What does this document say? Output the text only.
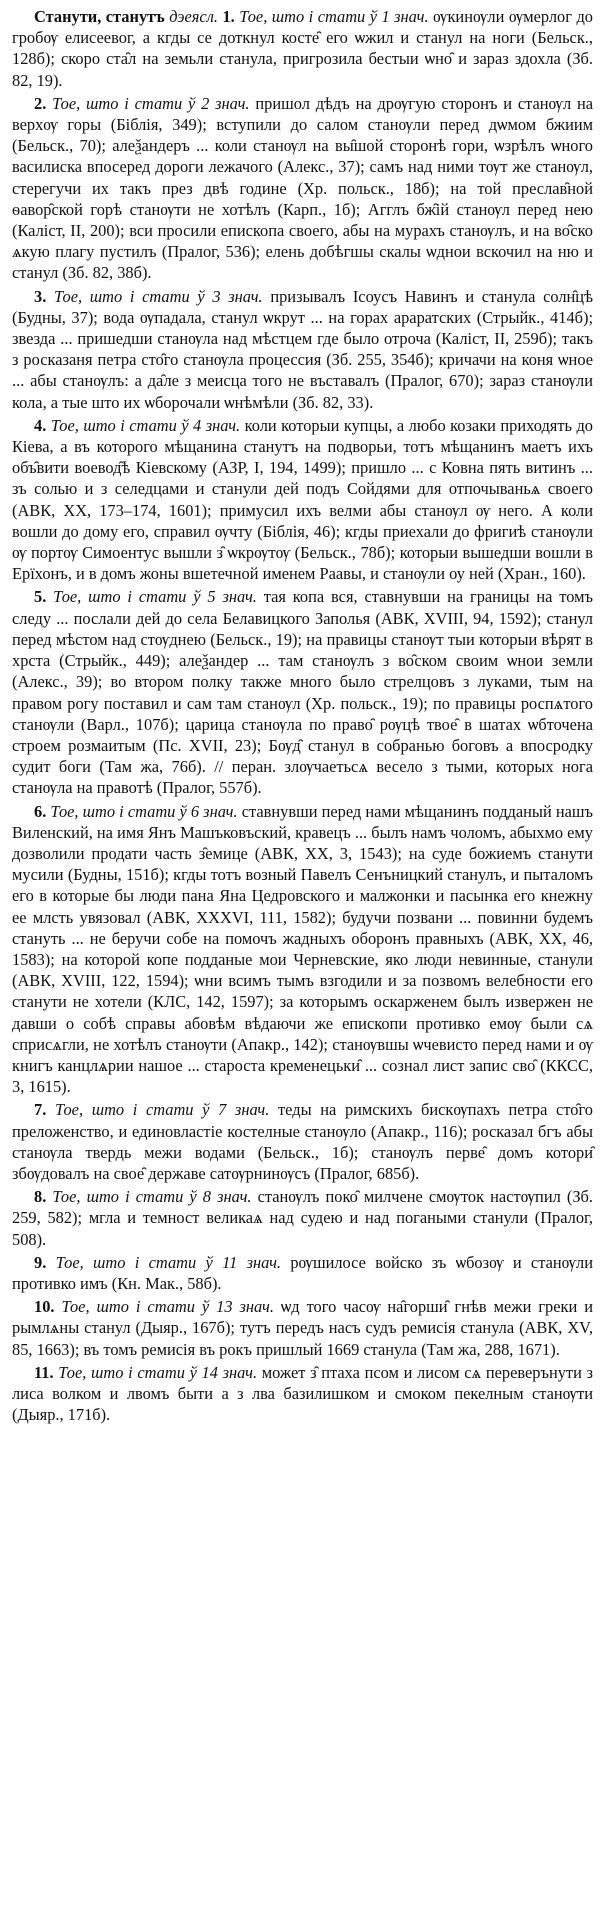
Станути, станутъ дэеясл. 1. Тое, што і стати ў 1 знач. ѹкинѹли ѹмерлог до гробѹ елисеевог, а кгды се доткнул косте̑ его ѡжил и станул на ноги (Бельск., 128б); скоро ста̑л на земьли станула, пригрозила бестыи ѡно̑ и зараз здохла (Зб. 82, 19).

2. Тое, што і стати ў 2 знач. пришол дѣдъ на дрѹгую сторонъ и станѹл на верхѹ горы (Біблія, 349); вступили до салом станѹли перед дѡмом бжиим (Бельск., 70); алеѯандеръ ... коли станѹл на вы̑шой сторонѣ гори, ѡзрѣлъ ѡного василиска впосеред дороги лежачого (Алекс., 37); самъ над ними тѹт же станѹл, стерегучи их такъ през двѣ године (Хр. польск., 18б); на той преслав̑ной ѳавор̑ской горѣ станѹти не хотѣлъ (Карп., 1б); Агглъ бж̑ій станѹл перед нею (Каліст, II, 200); вси просили епископа своего, абы на мурахъ станѹлъ, и на во̑ско ѧкую плагу пустилъ (Пралог, 536); елень добѣгшы скалы ѡднои вскочил на ню и станул (Зб. 82, 38б).

3. Тое, што і стати ў 3 знач. призывалъ Ісоусъ Навинъ и станула солн̑цѣ (Будны, 37); вода ѹпадала, станул ѡкрут ... на горах араратских (Стрыйк., 414б); звезда ... пришедши станѹла над мѣстцем где было отроча (Каліст, II, 259б); такъ з росказаня петра сто̑го станѹла процессия (Зб. 255, 354б); кричачи на коня ѡное ... абы станѹлъ: а да̑ле з меисца того не въставалъ (Пралог, 670); зараз станѹли кола, а тые што их ѡборочали ѡнѣмѣли (Зб. 82, 33).

4. Тое, што і стати ў 4 знач. коли которыи купцы, а любо козаки приходять до Кіева, а въ которого мѣщанина станутъ на подворьи, тотъ мѣщанинъ маетъ ихъ объ̑вити воевод̑ѣ Кіевскому (АЗР, I, 194, 1499); пришло ... с Ковна пять витинъ ... зъ солью и з селедцами и станули дей подъ Сойдями для отпочываньѧ своего (АВК, XX, 173–174, 1601); примусил ихъ велми абы станѹл ѹ него. А коли вошли до дому его, справил ѹчту (Біблія, 46); кгды приехали до фригиѣ станѹли ѹ портѹ Симоентус вышли з̑ ѡкрѹтѹ (Бельск., 78б); которыи вышедши вошли в Ерїхонъ, и в домъ жоны вшетечной именем Раавы, и станѹли оу ней (Хран., 160).

5. Тое, што і стати ў 5 знач. тая копа вся, ставнувши на границы на томъ следу ... послали дей до села Белавицкого Заполья (АВК, XVIII, 94, 1592); станул перед мѣстом над стѹднею (Бельск., 19); на правицы станѹт тыи которыи вѣрят в хрста (Стрыйк., 449); алеѯандер ... там станѹлъ з во̑ском своим ѡнои земли (Алекс., 39); во втором полку также много было стрелцовъ з луками, тым на правом рогу поставил и сам там станѹл (Хр. польск., 19); по правицы роспѧтого станѹли (Варл., 107б); царица станѹла по право̑ рѹцѣ твое̑ в шатах ѡбточена строем розмаитым (Пс. XVII, 23); Бѹд̑ станул в собранью боговъ а впосродку судит боги (Там жа, 76б). // перан. злѹчаетьсѧ весело з тыми, которых нога станѹла на правотѣ (Пралог, 557б).

6. Тое, што і стати ў 6 знач. ставнувши перед нами мѣщанинъ подданый нашъ Виленский, на имя Янъ Машъковъский, кравецъ ... былъ намъ чоломъ, абыхмо ему дозволили продати часть з̑емице (АВК, XX, 3, 1543); на суде божиемъ станути мусили (Будны, 151б); кгды тотъ возный Павелъ Сенъницкий станулъ, и пыталомъ его в которые бы люди пана Яна Цедровского и малжонки и пасынка его кнежну ее млсть увязовал (АВК, XXXVI, 111, 1582); будучи позвани ... повинни будемъ стануть ... не беручи собе на помочъ жадныхъ оборонъ правныхъ (АВК, XX, 46, 1583); на которой копе подданые мои Черневские, яко люди невинные, станули (АВК, XVIII, 122, 1594); ѡни всимъ тымъ взгодили и за позвомъ велебности его станути не хотели (КЛС, 142, 1597); за которымъ оскарженем былъ извержен не давши о собѣ справы абовѣм вѣдаючи же епископи противко емѹ были сѧ сприсѧгли, не хотѣлъ станѹти (Апакр., 142); станѹвшы ѡчевисто перед нами и ѹ книгъ канцлѧрии нашое ... староста кременецьки̑ ... сознал лист запис сво̑ (ККСС, 3, 1615).

7. Тое, што і стати ў 7 знач. теды на римскихъ бискѹпахъ петра сто̑го преложенство, и единовластіе костелные станѹло (Апакр., 116); росказал бгъ абы станѹла твердь межи водами (Бельск., 1б); станѹлъ перве̑ домъ котори̑ збѹдовалъ на свое̑ державе сатѹрнинѹсъ (Пралог, 685б).

8. Тое, што і стати ў 8 знач. станѹлъ поко̑ милчене смѹток настѹпил (Зб. 259, 582); мгла и темност великаѧ над судею и над погаными станули (Пралог, 508).

9. Тое, што і стати ў 11 знач. рѹшилосе войско зъ ѡбозѹ и станѹли противко имъ (Кн. Мак., 58б).

10. Тое, што і стати ў 13 знач. ѡд того часѹ на̑горши̑ гнѣв межи греки и рымлѧны станул (Дыяр., 167б); тутъ передъ насъ судъ ремисія станула (АВК, XV, 85, 1663); въ томъ ремисія въ рокъ пришлый 1669 станула (Там жа, 288, 1671).

11. Тое, што і стати ў 14 знач. может з̑ птаха псом и лисом сѧ переверънути з лиса волком и лвомъ быти а з лва базилишком и смоком пекелным станѹти (Дыяр., 171б).
